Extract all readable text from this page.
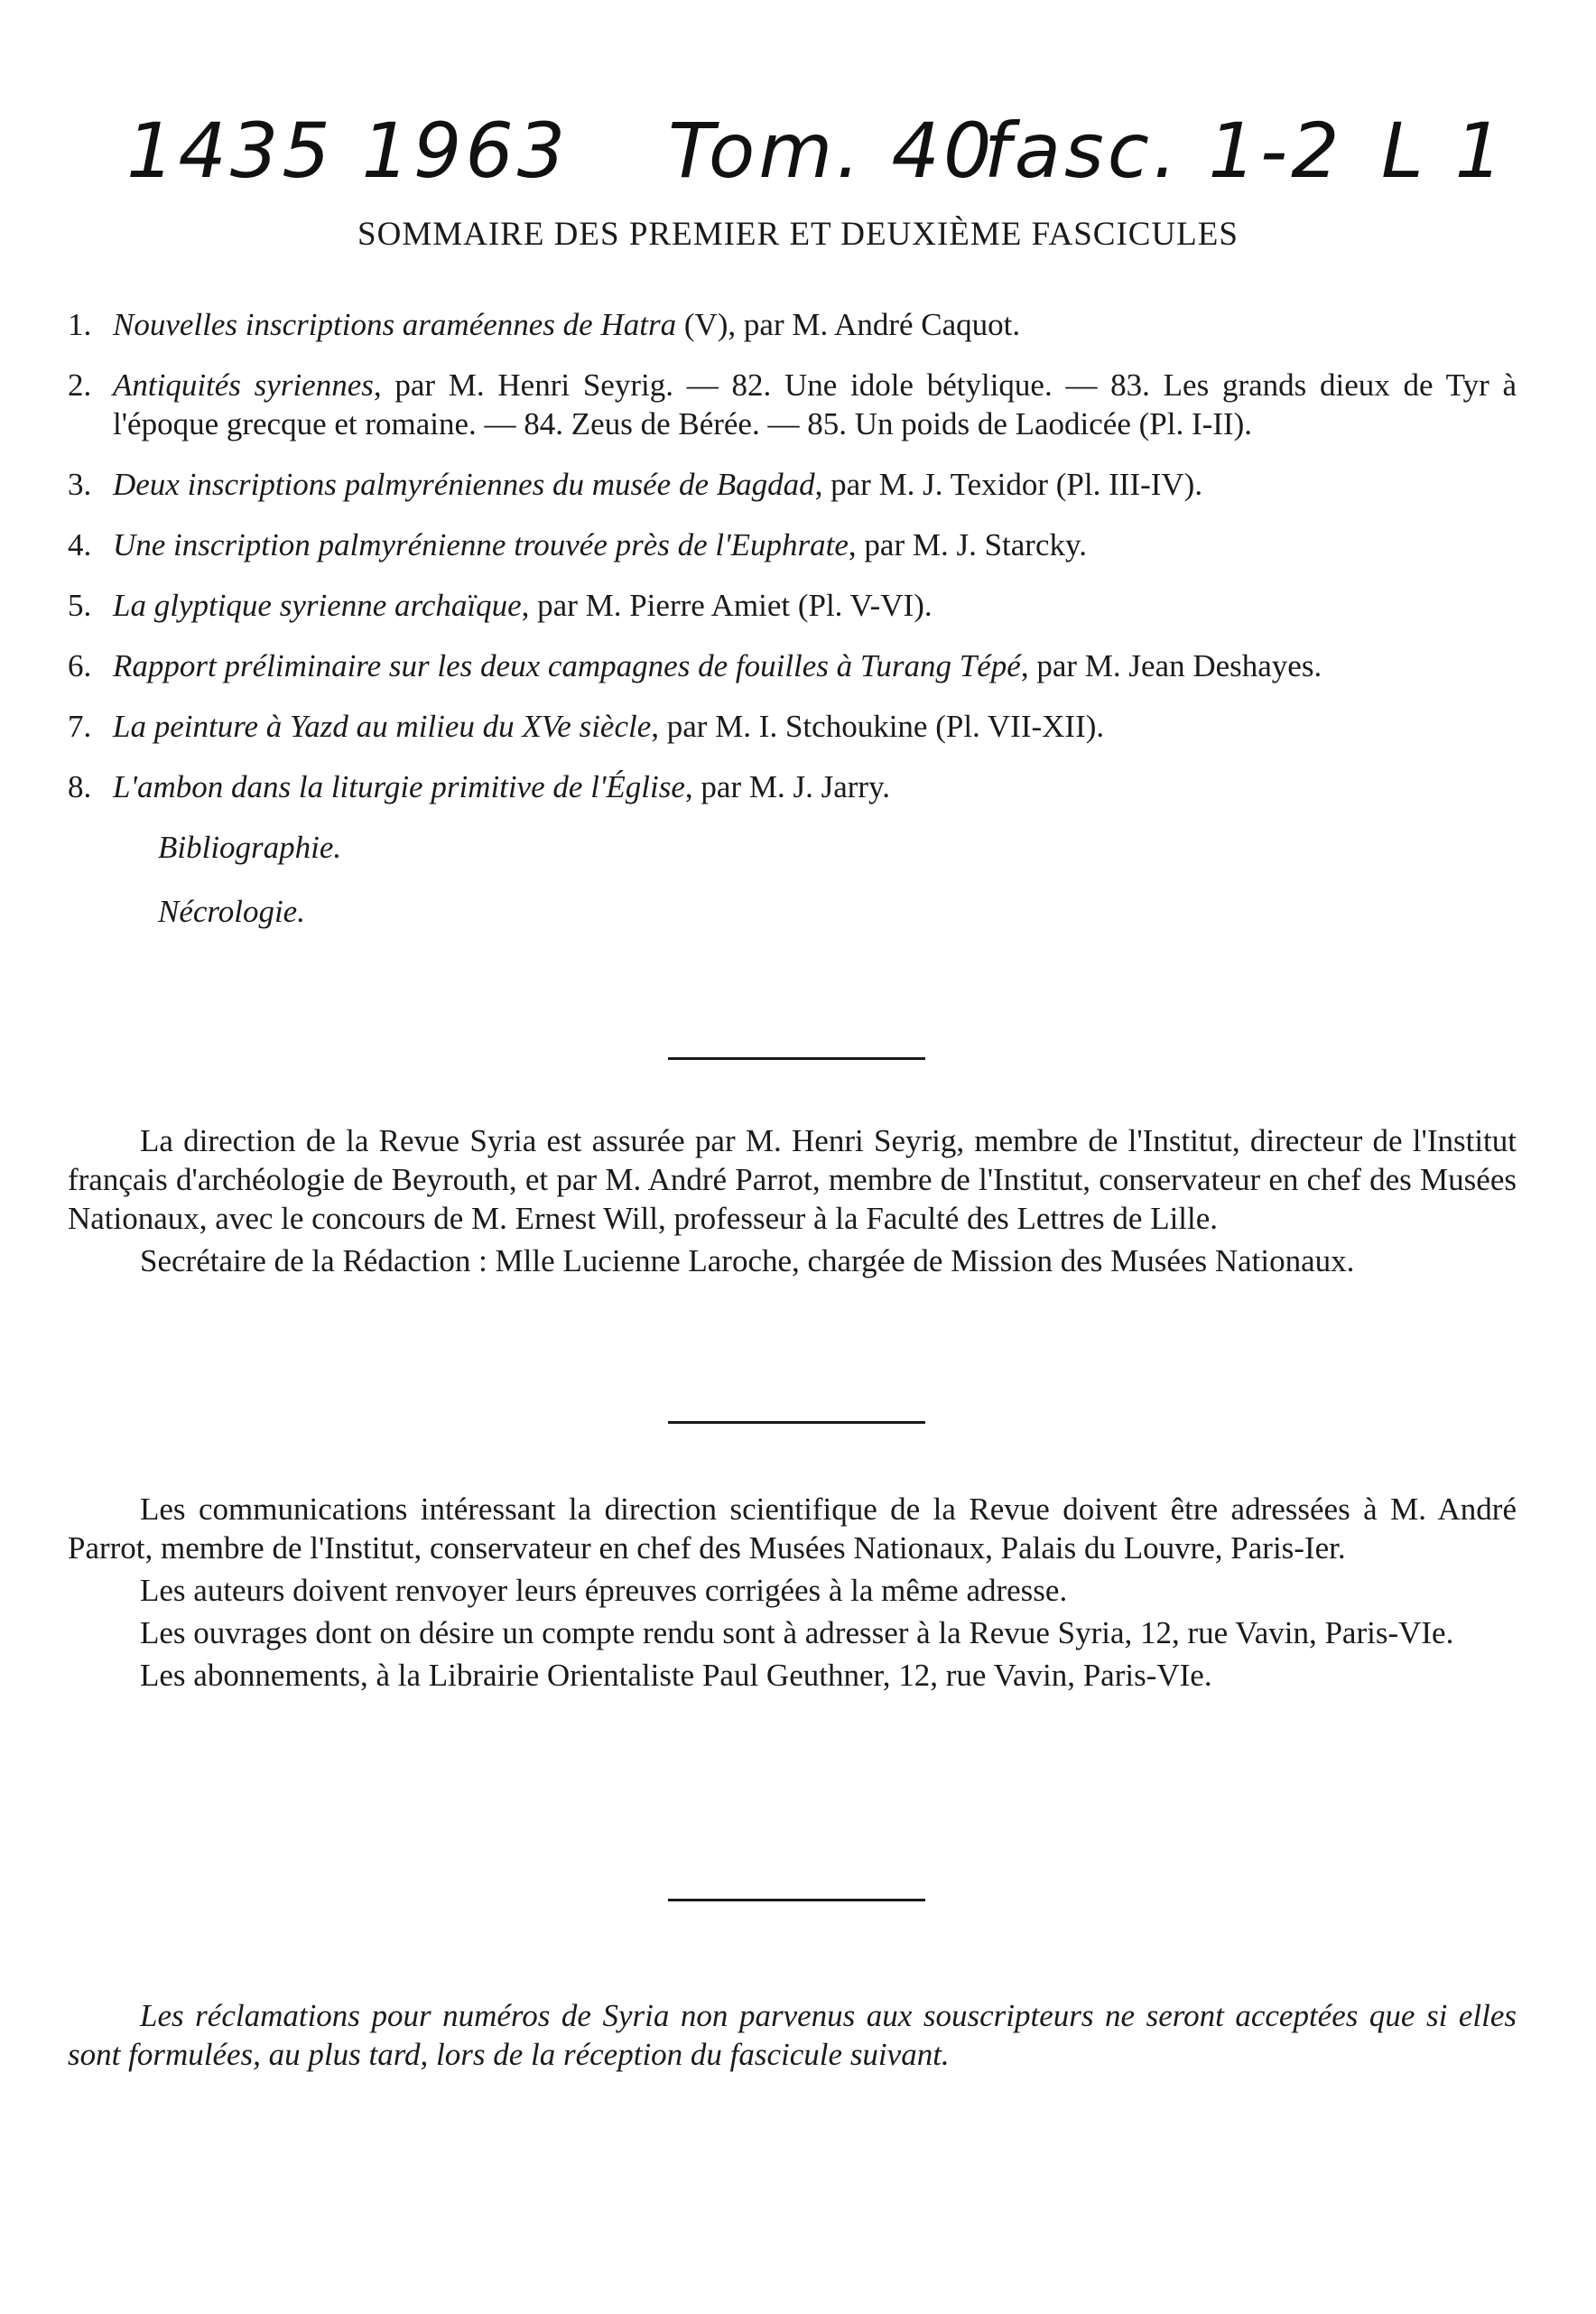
1435 1963 Tom. 40
fasc. 1-2 L 1
SOMMAIRE DES PREMIER ET DEUXIÈME FASCICULES
1. Nouvelles inscriptions araméennes de Hatra (V), par M. André Caquot.
2. Antiquités syriennes, par M. Henri Seyrig. — 82. Une idole bétylique. — 83. Les grands dieux de Tyr à l'époque grecque et romaine. — 84. Zeus de Bérée. — 85. Un poids de Laodicée (Pl. I-II).
3. Deux inscriptions palmyréniennes du musée de Bagdad, par M. J. Texidor (Pl. III-IV).
4. Une inscription palmyrénienne trouvée près de l'Euphrate, par M. J. Starcky.
5. La glyptique syrienne archaïque, par M. Pierre Amiet (Pl. V-VI).
6. Rapport préliminaire sur les deux campagnes de fouilles à Turang Tépé, par M. Jean Deshayes.
7. La peinture à Yazd au milieu du XVe siècle, par M. I. Stchoukine (Pl. VII-XII).
8. L'ambon dans la liturgie primitive de l'Église, par M. J. Jarry.
Bibliographie.
Nécrologie.

La direction de la Revue Syria est assurée par M. Henri Seyrig, membre de l'Institut, directeur de l'Institut français d'archéologie de Beyrouth, et par M. André Parrot, membre de l'Institut, conservateur en chef des Musées Nationaux, avec le concours de M. Ernest Will, professeur à la Faculté des Lettres de Lille.

Secrétaire de la Rédaction : Mlle Lucienne Laroche, chargée de Mission des Musées Nationaux.

Les communications intéressant la direction scientifique de la Revue doivent être adressées à M. André Parrot, membre de l'Institut, conservateur en chef des Musées Nationaux, Palais du Louvre, Paris-Ier.

Les auteurs doivent renvoyer leurs épreuves corrigées à la même adresse.

Les ouvrages dont on désire un compte rendu sont à adresser à la Revue Syria, 12, rue Vavin, Paris-VIe.

Les abonnements, à la Librairie Orientaliste Paul Geuthner, 12, rue Vavin, Paris-VIe.

Les réclamations pour numéros de Syria non parvenus aux souscripteurs ne seront acceptées que si elles sont formulées, au plus tard, lors de la réception du fascicule suivant.
